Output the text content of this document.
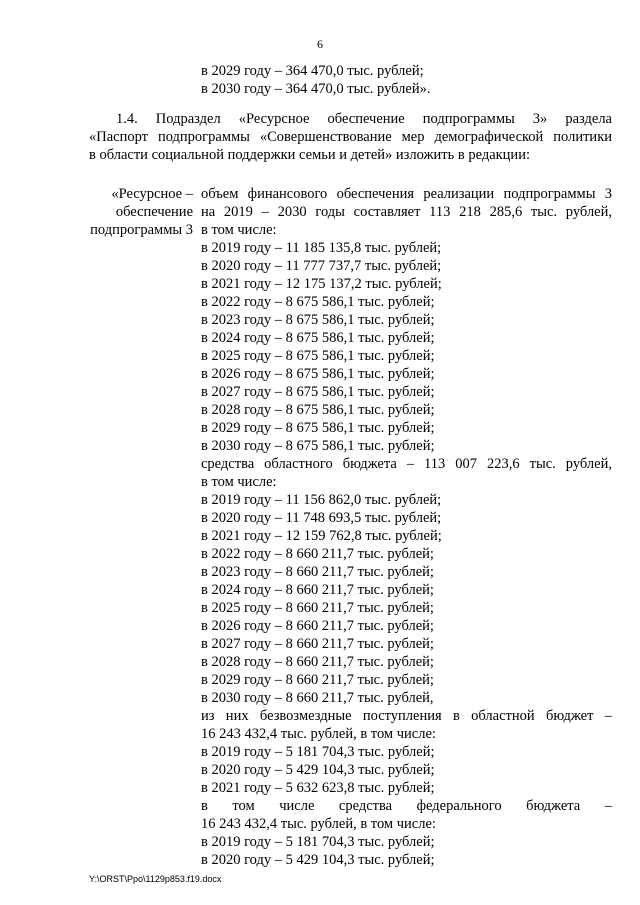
6
в 2029 году – 364 470,0 тыс. рублей;
в 2030 году – 364 470,0 тыс. рублей».
1.4. Подраздел «Ресурсное обеспечение подпрограммы 3» раздела
«Паспорт подпрограммы «Совершенствование мер демографической политики
в области социальной поддержки семьи и детей» изложить в редакции:
«Ресурсное –
обеспечение
подпрограммы 3
объем финансового обеспечения реализации подпрограммы 3
на 2019 – 2030 годы составляет 113 218 285,6 тыс. рублей,
в том числе:
в 2019 году – 11 185 135,8 тыс. рублей;
в 2020 году – 11 777 737,7 тыс. рублей;
в 2021 году – 12 175 137,2 тыс. рублей;
в 2022 году – 8 675 586,1 тыс. рублей;
в 2023 году – 8 675 586,1 тыс. рублей;
в 2024 году – 8 675 586,1 тыс. рублей;
в 2025 году – 8 675 586,1 тыс. рублей;
в 2026 году – 8 675 586,1 тыс. рублей;
в 2027 году – 8 675 586,1 тыс. рублей;
в 2028 году – 8 675 586,1 тыс. рублей;
в 2029 году – 8 675 586,1 тыс. рублей;
в 2030 году – 8 675 586,1 тыс. рублей;
средства областного бюджета – 113 007 223,6 тыс. рублей,
в том числе:
в 2019 году – 11 156 862,0 тыс. рублей;
в 2020 году – 11 748 693,5 тыс. рублей;
в 2021 году – 12 159 762,8 тыс. рублей;
в 2022 году – 8 660 211,7 тыс. рублей;
в 2023 году – 8 660 211,7 тыс. рублей;
в 2024 году – 8 660 211,7 тыс. рублей;
в 2025 году – 8 660 211,7 тыс. рублей;
в 2026 году – 8 660 211,7 тыс. рублей;
в 2027 году – 8 660 211,7 тыс. рублей;
в 2028 году – 8 660 211,7 тыс. рублей;
в 2029 году – 8 660 211,7 тыс. рублей;
в 2030 году – 8 660 211,7 тыс. рублей,
из них безвозмездные поступления в областной бюджет –
16 243 432,4 тыс. рублей, в том числе:
в 2019 году – 5 181 704,3 тыс. рублей;
в 2020 году – 5 429 104,3 тыс. рублей;
в 2021 году – 5 632 623,8 тыс. рублей;
в том числе средства федерального бюджета –
16 243 432,4 тыс. рублей, в том числе:
в 2019 году – 5 181 704,3 тыс. рублей;
в 2020 году – 5 429 104,3 тыс. рублей;
Y:\ORST\Ppo\1129p853.f19.docx
